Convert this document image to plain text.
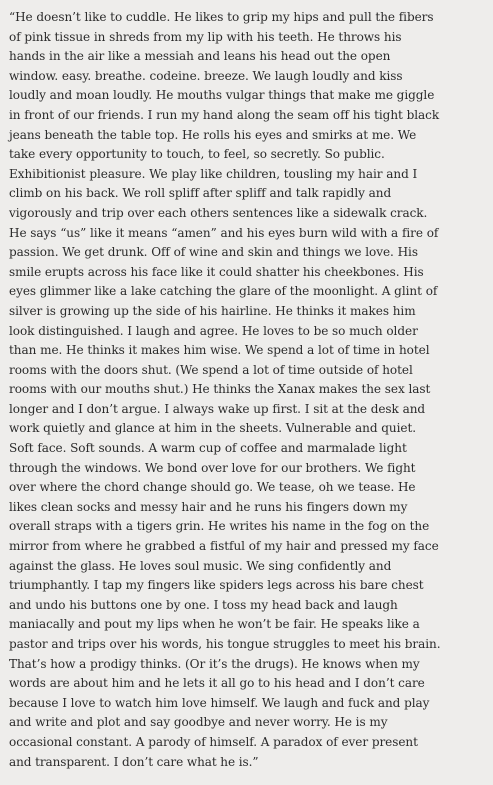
“He doesn’t like to cuddle. He likes to grip my hips and pull the fibers
of pink tissue in shreds from my lip with his teeth. He throws his
hands in the air like a messiah and leans his head out the open
window. easy. breathe. codeine. breeze. We laugh loudly and kiss
loudly and moan loudly. He mouths vulgar things that make me giggle
in front of our friends. I run my hand along the seam off his tight black
jeans beneath the table top. He rolls his eyes and smirks at me. We
take every opportunity to touch, to feel, so secretly. So public.
Exhibitionist pleasure. We play like children, tousling my hair and I
climb on his back. We roll spliff after spliff and talk rapidly and
vigorously and trip over each others sentences like a sidewalk crack.
He says “us” like it means “amen” and his eyes burn wild with a fire of
passion. We get drunk. Off of wine and skin and things we love. His
smile erupts across his face like it could shatter his cheekbones. His
eyes glimmer like a lake catching the glare of the moonlight. A glint of
silver is growing up the side of his hairline. He thinks it makes him
look distinguished. I laugh and agree. He loves to be so much older
than me. He thinks it makes him wise. We spend a lot of time in hotel
rooms with the doors shut. (We spend a lot of time outside of hotel
rooms with our mouths shut.) He thinks the Xanax makes the sex last
longer and I don’t argue. I always wake up first. I sit at the desk and
work quietly and glance at him in the sheets. Vulnerable and quiet.
Soft face. Soft sounds. A warm cup of coffee and marmalade light
through the windows. We bond over love for our brothers. We fight
over where the chord change should go. We tease, oh we tease. He
likes clean socks and messy hair and he runs his fingers down my
overall straps with a tigers grin. He writes his name in the fog on the
mirror from where he grabbed a fistful of my hair and pressed my face
against the glass. He loves soul music. We sing confidently and
triumphantly. I tap my fingers like spiders legs across his bare chest
and undo his buttons one by one. I toss my head back and laugh
maniacally and pout my lips when he won’t be fair. He speaks like a
pastor and trips over his words, his tongue struggles to meet his brain.
That’s how a prodigy thinks. (Or it’s the drugs). He knows when my
words are about him and he lets it all go to his head and I don’t care
because I love to watch him love himself. We laugh and fuck and play
and write and plot and say goodbye and never worry. He is my
occasional constant. A parody of himself. A paradox of ever present
and transparent. I don’t care what he is.”
